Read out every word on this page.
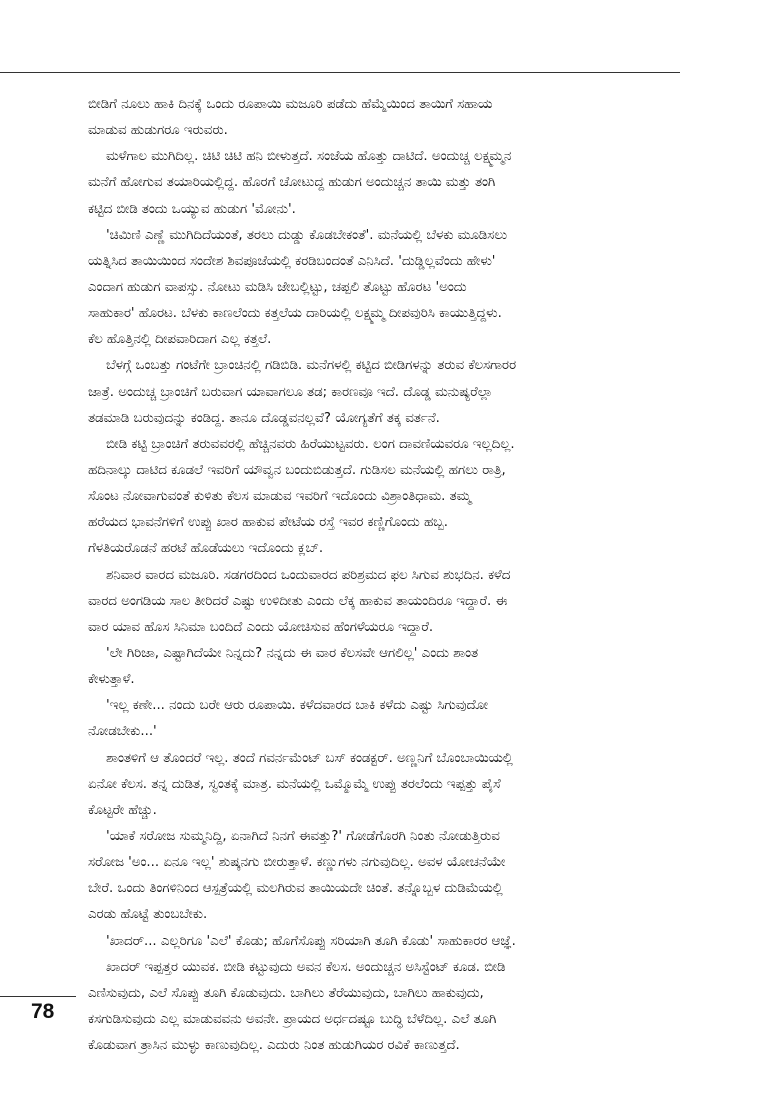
ಬೀಡಿಗೆ ನೂಲು ಹಾಕಿ ದಿನಕ್ಕೆ ಒಂದು ರೂಪಾಯಿ ಮಜೂರಿ ಪಡೆದು ಹೆಮ್ಮೆಯಿಂದ ತಾಯಿಗೆ ಸಹಾಯ
ಮಾಡುವ ಹುಡುಗರೂ ಇರುವರು.
ಮಳೆಗಾಲ ಮುಗಿದಿಲ್ಲ. ಚಿಟಿ ಚಿಟಿ ಹನಿ ಬೀಳುತ್ತದೆ. ಸಂಜೆಯ ಹೊತ್ತು ದಾಟಿದೆ. ಅಂದುಚ್ಚ ಲಕ್ಷ್ಮಮ್ಮನ
ಮನೆಗೆ ಹೋಗುವ ತಯಾರಿಯಲ್ಲಿದ್ದ. ಹೊರಗೆ ಚೋಟುದ್ದ ಹುಡುಗ ಅಂದುಚ್ಚನ ತಾಯಿ ಮತ್ತು ತಂಗಿ
ಕಟ್ಟಿದ ಬೀಡಿ ತಂದು ಒಯ್ಯುವ ಹುಡುಗ 'ಮೋನು'.
'ಚಿಮಿಣಿ ಎಣ್ಣೆ ಮುಗಿದಿದೆಯಂತೆ, ತರಲು ದುಡ್ಡು ಕೊಡಬೇಕಂತೆ'. ಮನೆಯಲ್ಲಿ ಬೆಳಕು ಮೂಡಿಸಲು
ಯತ್ನಿಸಿದ ತಾಯಿಯಿಂದ ಸಂದೇಶ ಶಿವಪೂಜೆಯಲ್ಲಿ ಕರಡಿಬಂದಂತೆ ಎನಿಸಿದೆ. 'ದುಡ್ಡಿಲ್ಲವೆಂದು ಹೇಳು'
ಎಂದಾಗ ಹುಡುಗ ವಾಪಸ್ಸು. ನೋಟು ಮಡಿಸಿ ಜೇಬಲ್ಲಿಟ್ಟು, ಚಪ್ಪಲಿ ತೊಟ್ಟು ಹೊರಟ 'ಅಂದು
ಸಾಹುಕಾರ' ಹೊರಟ. ಬೆಳಕು ಕಾಣಲೆಂದು ಕತ್ತಲೆಯ ದಾರಿಯಲ್ಲಿ ಲಕ್ಷ್ಮಮ್ಮ ದೀಪವುರಿಸಿ ಕಾಯುತ್ತಿದ್ದಳು.
ಕೆಲ ಹೊತ್ತಿನಲ್ಲಿ ದೀಪವಾರಿದಾಗ ಎಲ್ಲ ಕತ್ತಲೆ.
ಬೆಳಗ್ಗೆ ಒಂಬತ್ತು ಗಂಟೆಗೇ ಬ್ರಾಂಚಿನಲ್ಲಿ ಗಡಿಬಿಡಿ. ಮನೆಗಳಲ್ಲಿ ಕಟ್ಟಿದ ಬೀಡಿಗಳನ್ನು ತರುವ ಕೆಲಸಗಾರರ
ಜಾತ್ರೆ. ಅಂದುಚ್ಚ ಬ್ರಾಂಚಿಗೆ ಬರುವಾಗ ಯಾವಾಗಲೂ ತಡ; ಕಾರಣವೂ ಇದೆ. ದೊಡ್ಡ ಮನುಷ್ಯರೆಲ್ಲಾ
ತಡಮಾಡಿ ಬರುವುದನ್ನು ಕಂಡಿದ್ದ. ತಾನೂ ದೊಡ್ಡವನಲ್ಲವೆ? ಯೋಗ್ಯತೆಗೆ ತಕ್ಕ ವರ್ತನೆ.
ಬೀಡಿ ಕಟ್ಟಿ ಬ್ರಾಂಚಿಗೆ ತರುವವರಲ್ಲಿ ಹೆಚ್ಚಿನವರು ಹಿರೆಯುಟ್ಟವರು. ಲಂಗ ದಾವಣಿಯವರೂ ಇಲ್ಲದಿಲ್ಲ.
ಹದಿನಾಲ್ಕು ದಾಟಿದ ಕೂಡಲೆ ಇವರಿಗೆ ಯೌವ್ವನ ಬಂದುಬಿಡುತ್ತದೆ. ಗುಡಿಸಲ ಮನೆಯಲ್ಲಿ ಹಗಲು ರಾತ್ರಿ,
ಸೊಂಟ ನೋವಾಗುವಂತೆ ಕುಳಿತು ಕೆಲಸ ಮಾಡುವ ಇವರಿಗೆ ಇದೊಂದು ವಿಶ್ರಾಂತಿಧಾಮ. ತಮ್ಮ
ಹರೆಯದ ಭಾವನೆಗಳಿಗೆ ಉಪ್ಪು ಖಾರ ಹಾಕುವ ಪೇಟೆಯ ರಸ್ತೆ ಇವರ ಕಣ್ಣಿಗೊಂದು ಹಬ್ಬ.
ಗೆಳತಿಯರೊಡನೆ ಹರಟೆ ಹೊಡೆಯಲು ಇದೊಂದು ಕ್ಲಬ್.
ಶನಿವಾರ ವಾರದ ಮಜೂರಿ. ಸಡಗರದಿಂದ ಒಂದುವಾರದ ಪರಿಶ್ರಮದ ಫಲ ಸಿಗುವ ಶುಭದಿನ. ಕಳೆದ
ವಾರದ ಅಂಗಡಿಯ ಸಾಲ ತೀರಿದರೆ ಎಷ್ಟು ಉಳಿದೀತು ಎಂದು ಲೆಕ್ಕ ಹಾಕುವ ತಾಯಂದಿರೂ ಇದ್ದಾರೆ. ಈ
ವಾರ ಯಾವ ಹೊಸ ಸಿನಿಮಾ ಬಂದಿದೆ ಎಂದು ಯೋಚಿಸುವ ಹೆಂಗಳೆಯರೂ ಇದ್ದಾರೆ.
'ಲೇ ಗಿರಿಜಾ, ಎಷ್ಟಾಗಿದೆಯೇ ನಿನ್ನದು? ನನ್ನದು ಈ ವಾರ ಕೆಲಸವೇ ಆಗಲಿಲ್ಲ' ಎಂದು ಶಾಂತ
ಕೇಳುತ್ತಾಳೆ.
'ಇಲ್ಲ ಕಣೇ... ನಂದು ಬರೇ ಆರು ರೂಪಾಯಿ. ಕಳೆದವಾರದ ಬಾಕಿ ಕಳೆದು ಎಷ್ಟು ಸಿಗುವುದೋ
ನೋಡಬೇಕು...'
ಶಾಂತಳಿಗೆ ಆ ತೊಂದರೆ ಇಲ್ಲ. ತಂದೆ ಗವರ್ನಮೆಂಟ್ ಬಸ್ ಕಂಡಕ್ಟರ್. ಅಣ್ಣನಿಗೆ ಬೊಂಬಾಯಿಯಲ್ಲಿ
ಏನೋ ಕೆಲಸ. ತನ್ನ ದುಡಿತ, ಸ್ವಂತಕ್ಕೆ ಮಾತ್ರ. ಮನೆಯಲ್ಲಿ ಒಮ್ಮೊಮ್ಮೆ ಉಪ್ಪು ತರಲೆಂದು ಇಪ್ಪತ್ತು ಪೈಸೆ
ಕೊಟ್ಟರೇ ಹೆಚ್ಚು.
'ಯಾಕೆ ಸರೋಜ ಸುಮ್ಮನಿದ್ದಿ, ಏನಾಗಿದೆ ನಿನಗೆ ಈವತ್ತು?' ಗೋಡೆಗೊರಗಿ ನಿಂತು ನೋಡುತ್ತಿರುವ
ಸರೋಜ 'ಅಂ... ಏನೂ ಇಲ್ಲ' ಶುಷ್ಕನಗು ಬೀರುತ್ತಾಳೆ. ಕಣ್ಣುಗಳು ನಗುವುದಿಲ್ಲ. ಅವಳ ಯೋಚನೆಯೇ
ಬೇರೆ. ಒಂದು ತಿಂಗಳಿನಿಂದ ಆಸ್ಪತ್ರೆಯಲ್ಲಿ ಮಲಗಿರುವ ತಾಯಿಯದೇ ಚಿಂತೆ. ತನ್ನೊಬ್ಬಳ ದುಡಿಮೆಯಲ್ಲಿ
ಎರಡು ಹೊಟ್ಟೆ ತುಂಬಬೇಕು.
'ಖಾದರ್... ಎಲ್ಲರಿಗೂ 'ಎಲೆ' ಕೊಡು; ಹೊಗೆಸೊಪ್ಪು ಸರಿಯಾಗಿ ತೂಗಿ ಕೊಡು' ಸಾಹುಕಾರರ ಆಜ್ಞೆ.
ಖಾದರ್ ಇಪ್ಪತ್ತರ ಯುವಕ. ಬೀಡಿ ಕಟ್ಟುವುದು ಅವನ ಕೆಲಸ. ಅಂದುಚ್ಚನ ಅಸಿಸ್ಟೆಂಟ್ ಕೂಡ. ಬೀಡಿ
ಎಣಿಸುವುದು, ಎಲೆ ಸೊಪ್ಪು ತೂಗಿ ಕೊಡುವುದು. ಬಾಗಿಲು ತೆರೆಯುವುದು, ಬಾಗಿಲು ಹಾಕುವುದು,
ಕಸಗುಡಿಸುವುದು ಎಲ್ಲ ಮಾಡುವವನು ಅವನೇ. ಪ್ರಾಯದ ಅರ್ಧದಷ್ಟೂ ಬುದ್ಧಿ ಬೆಳೆದಿಲ್ಲ. ಎಲೆ ತೂಗಿ
ಕೊಡುವಾಗ ತ್ರಾಸಿನ ಮುಳ್ಳು ಕಾಣುವುದಿಲ್ಲ. ಎದುರು ನಿಂತ ಹುಡುಗಿಯರ ರವಿಕೆ ಕಾಣುತ್ತದೆ.
78
